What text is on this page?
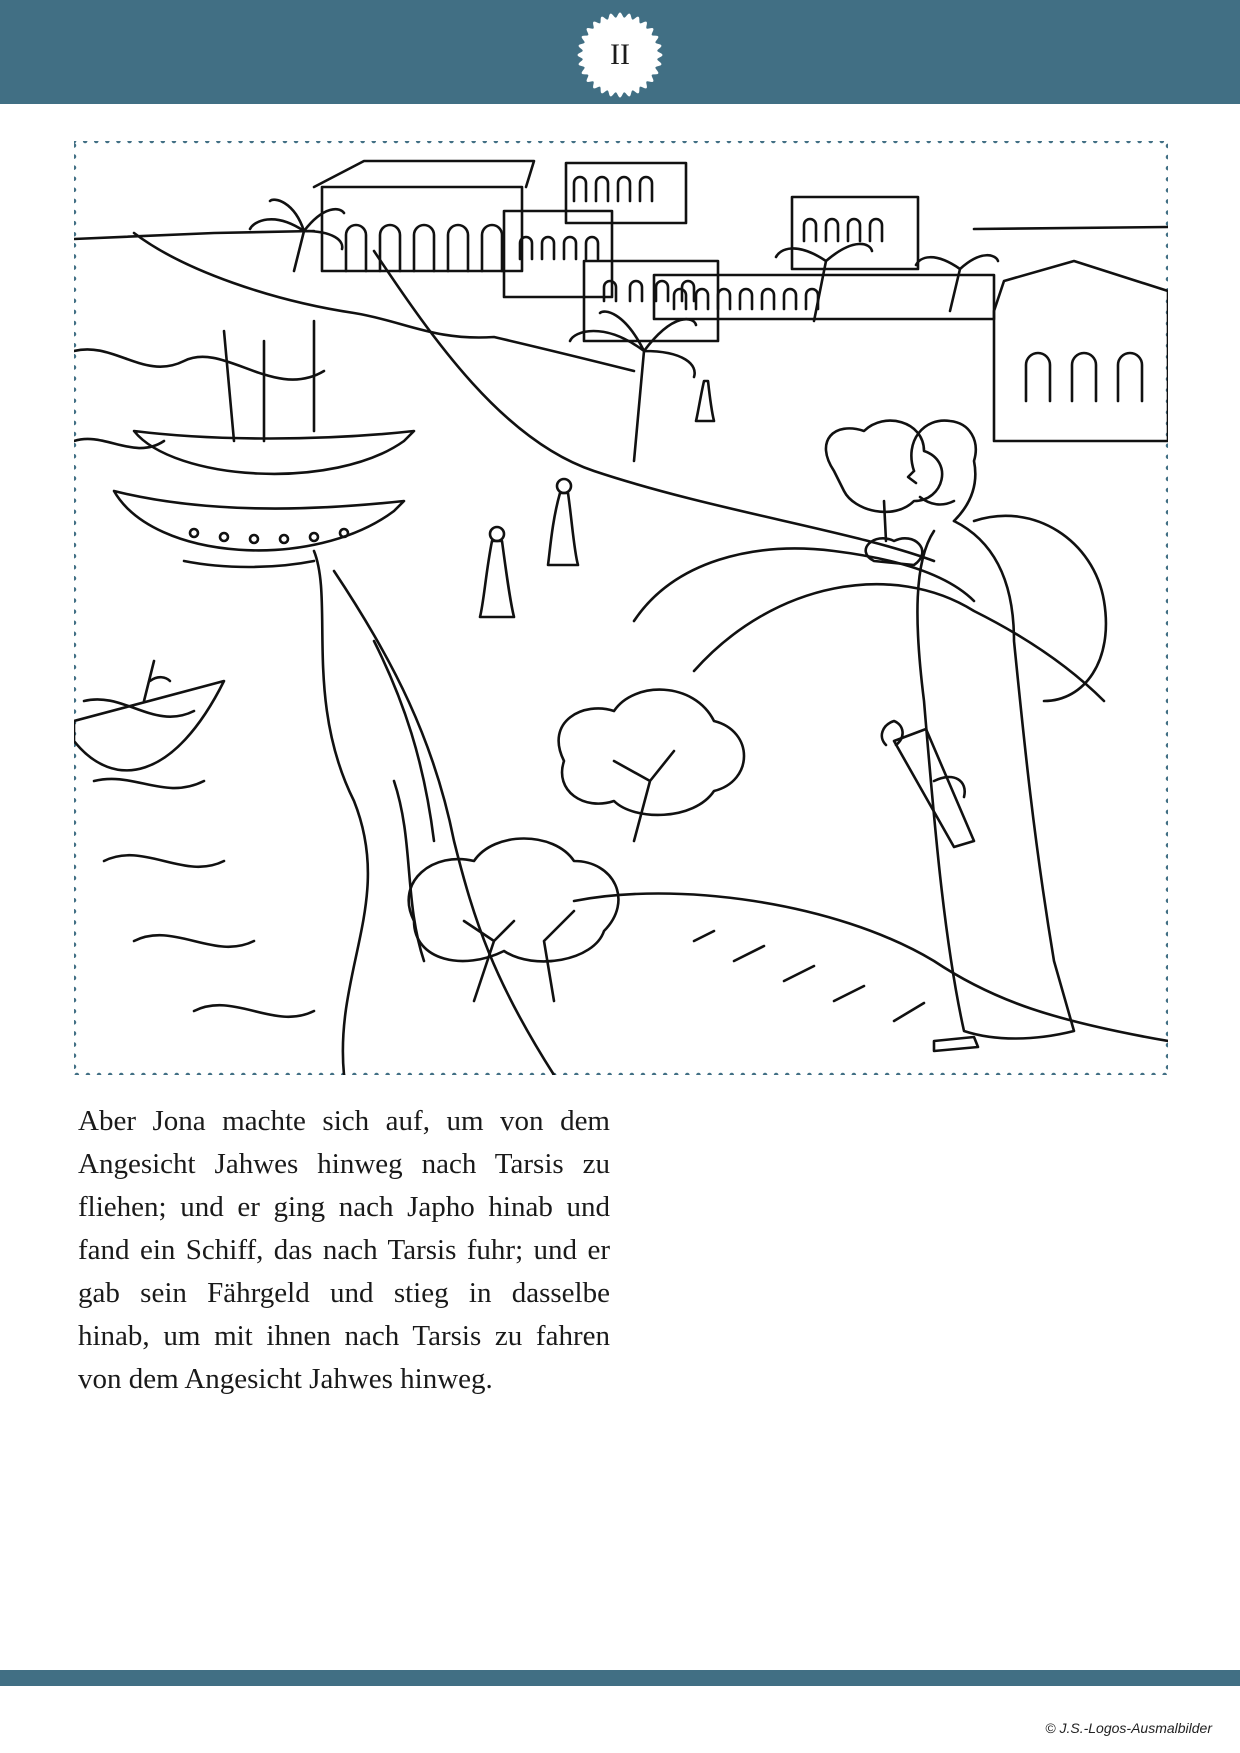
II
Aber Jona machte sich auf, um von dem Angesicht Jahwes hinweg nach Tarsis zu fliehen; und er ging nach Japho hinab und fand ein Schiff, das nach Tarsis fuhr; und er gab sein Fährgeld und stieg in dasselbe hinab, um mit ihnen nach Tarsis zu fahren von dem Angesicht Jahwes hinweg.
© J.S.-Logos-Ausmalbilder
